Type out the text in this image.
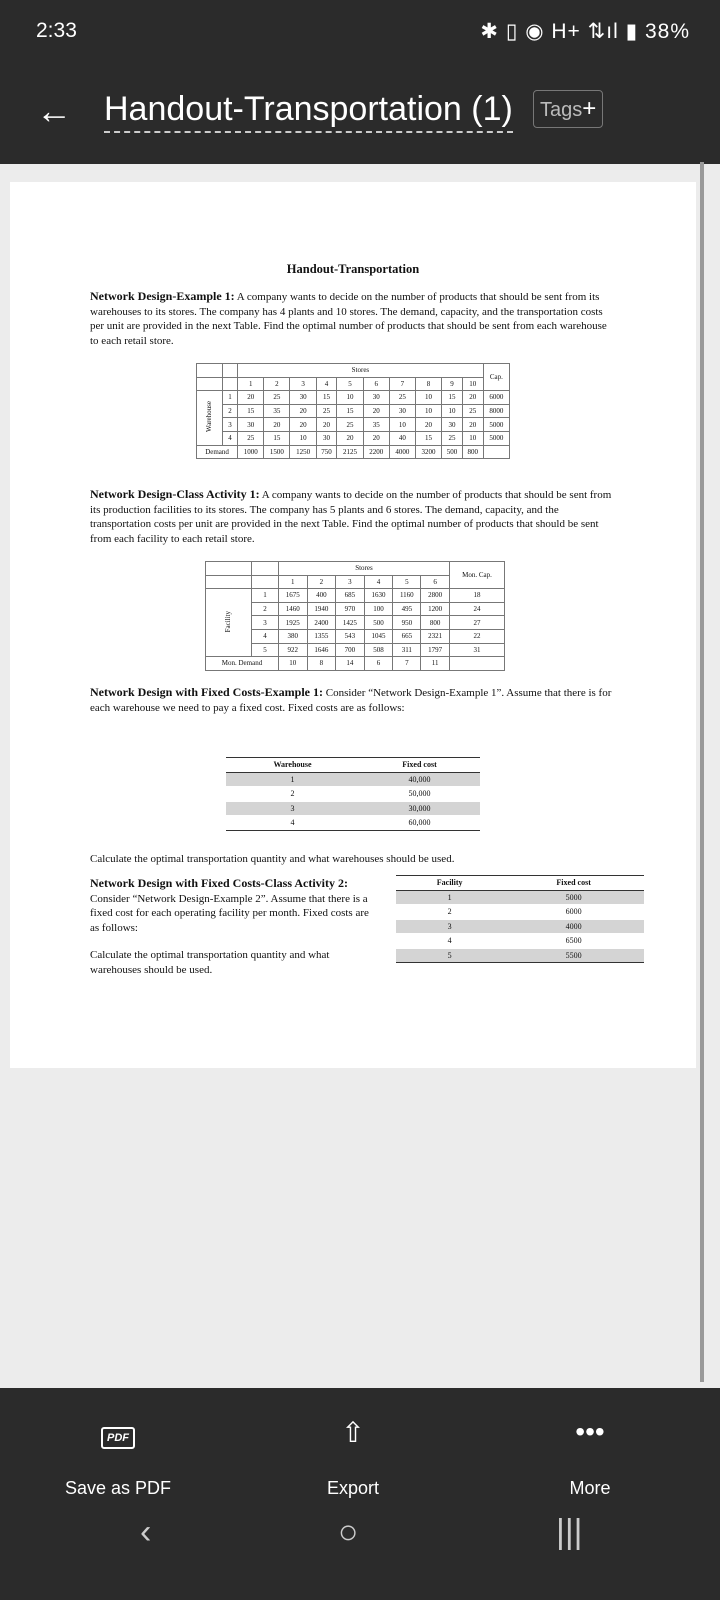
2:33	✱ ▯ ◉ H+ ⇅ıl ▮ 38%
← Handout-Transportation (1)	Tags+
Handout-Transportation
Network Design-Example 1: A company wants to decide on the number of products that should be sent from its warehouses to its stores. The company has 4 plants and 10 stores. The demand, capacity, and the transportation costs per unit are provided in the next Table. Find the optimal number of products that should be sent from each warehouse to each retail store.
		Stores										Cap.
		1	2	3	4	5	6	7	8	9	10	
Warehouse	1	20	25	30	15	10	30	25	10	15	20	6000
	2	15	35	20	25	15	20	30	10	10	25	8000
	3	30	20	20	20	25	35	10	20	30	20	5000
	4	25	15	10	30	20	20	40	15	25	10	5000
Demand		1000	1500	1250	750	2125	2200	4000	3200	500	800	
Network Design-Class Activity 1: A company wants to decide on the number of products that should be sent from its production facilities to its stores. The company has 5 plants and 6 stores. The demand, capacity, and the transportation costs per unit are provided in the next Table. Find the optimal number of products that should be sent from each facility to each retail store.
		Stores						Mon. Cap.
		1	2	3	4	5	6	
Facility	1	1675	400	685	1630	1160	2800	18
	2	1460	1940	970	100	495	1200	24
	3	1925	2400	1425	500	950	800	27
	4	380	1355	543	1045	665	2321	22
	5	922	1646	700	508	311	1797	31
Mon. Demand		10	8	14	6	7	11	
Network Design with Fixed Costs-Example 1: Consider “Network Design-Example 1”. Assume that there is for each warehouse we need to pay a fixed cost. Fixed costs are as follows:
Warehouse	Fixed cost
1	40,000
2	50,000
3	30,000
4	60,000
Calculate the optimal transportation quantity and what warehouses should be used.
Network Design with Fixed Costs-Class Activity 2: Consider “Network Design-Example 2”. Assume that there is a fixed cost for each operating facility per month. Fixed costs are as follows:
Calculate the optimal transportation quantity and what warehouses should be used.
Facility	Fixed cost
1	5000
2	6000
3	4000
4	6500
5	5500
PDF
Save as PDF
⇧
Export
•••
More
‹	○	|||
